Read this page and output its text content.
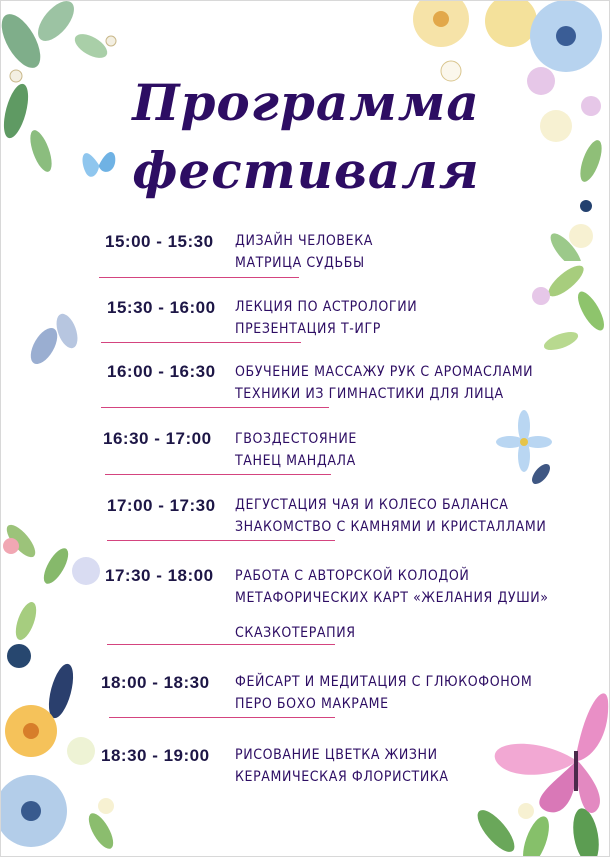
Программа
фестиваля
15:00 - 15:30 ДИЗАЙН ЧЕЛОВЕКА
МАТРИЦА СУДЬБЫ
15:30 - 16:00 ЛЕКЦИЯ ПО АСТРОЛОГИИ
ПРЕЗЕНТАЦИЯ Т-ИГР
16:00 - 16:30 ОБУЧЕНИЕ МАССАЖУ РУК С АРОМАСЛАМИ
ТЕХНИКИ ИЗ ГИМНАСТИКИ ДЛЯ ЛИЦА
16:30 - 17:00 ГВОЗДЕСТОЯНИЕ
ТАНЕЦ МАНДАЛА
17:00 - 17:30 ДЕГУСТАЦИЯ ЧАЯ И КОЛЕСО БАЛАНСА
ЗНАКОМСТВО С КАМНЯМИ И КРИСТАЛЛАМИ
17:30 - 18:00 РАБОТА С АВТОРСКОЙ КОЛОДОЙ
МЕТАФОРИЧЕСКИХ КАРТ «ЖЕЛАНИЯ ДУШИ»
СКАЗКОТЕРАПИЯ
18:00 - 18:30 ФЕЙСАРТ И МЕДИТАЦИЯ С ГЛЮКОФОНОМ
ПЕРО БОХО МАКРАМЕ
18:30 - 19:00 РИСОВАНИЕ ЦВЕТКА ЖИЗНИ
КЕРАМИЧЕСКАЯ ФЛОРИСТИКА
